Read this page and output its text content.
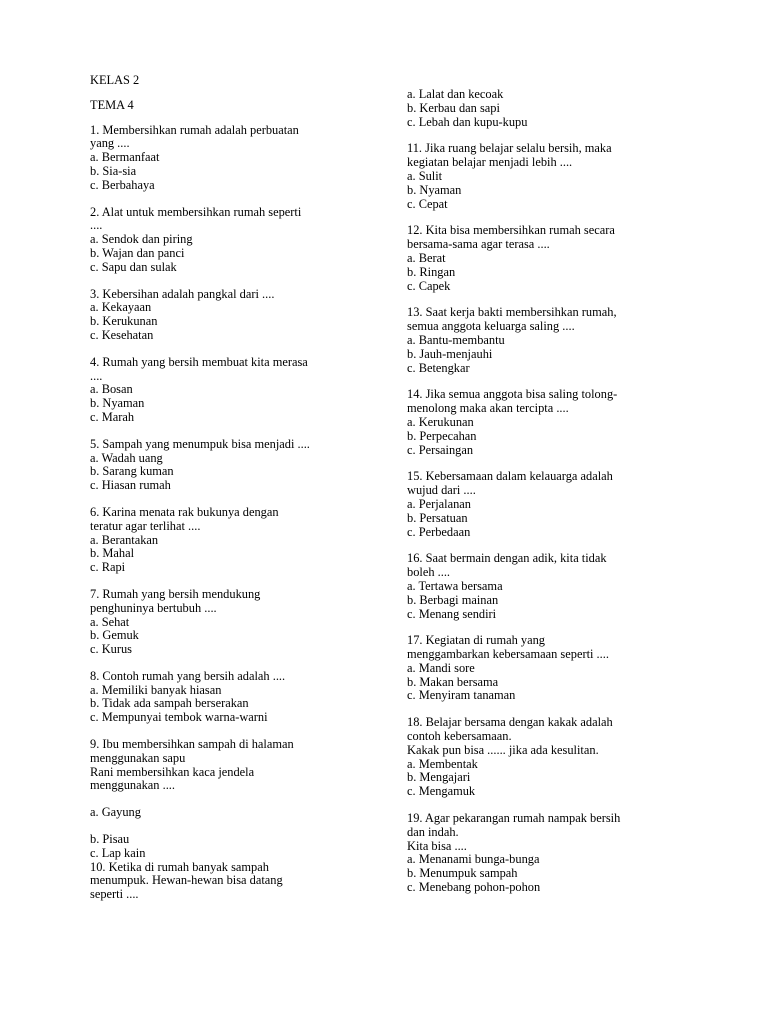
KELAS 2
TEMA 4
1. Membersihkan rumah adalah perbuatan
yang ....
a. Bermanfaat
b. Sia-sia
c. Berbahaya
2. Alat untuk membersihkan rumah seperti
....
a. Sendok dan piring
b. Wajan dan panci
c. Sapu dan sulak
3. Kebersihan adalah pangkal dari ....
a. Kekayaan
b. Kerukunan
c. Kesehatan
4. Rumah yang bersih membuat kita merasa
....
a. Bosan
b. Nyaman
c. Marah
5. Sampah yang menumpuk bisa menjadi ....
a. Wadah uang
b. Sarang kuman
c. Hiasan rumah
6. Karina menata rak bukunya dengan
teratur agar terlihat ....
a. Berantakan
b. Mahal
c. Rapi
7. Rumah yang bersih mendukung
penghuninya bertubuh ....
a. Sehat
b. Gemuk
c. Kurus
8. Contoh rumah yang bersih adalah ....
a. Memiliki banyak hiasan
b. Tidak ada sampah berserakan
c. Mempunyai tembok warna-warni
9. Ibu membersihkan sampah di halaman
menggunakan sapu
Rani membersihkan kaca jendela
menggunakan ....
a. Gayung
b. Pisau
c. Lap kain
10. Ketika di rumah banyak sampah
menumpuk. Hewan-hewan bisa datang
seperti ....
a. Lalat dan kecoak
b. Kerbau dan sapi
c. Lebah dan kupu-kupu
11. Jika ruang belajar selalu bersih, maka
kegiatan belajar menjadi lebih ....
a. Sulit
b. Nyaman
c. Cepat
12. Kita bisa membersihkan rumah secara
bersama-sama agar terasa ....
a. Berat
b. Ringan
c. Capek
13. Saat kerja bakti membersihkan rumah,
semua anggota keluarga saling ....
a. Bantu-membantu
b. Jauh-menjauhi
c. Betengkar
14. Jika semua anggota bisa saling tolong-
menolong maka akan tercipta ....
a. Kerukunan
b. Perpecahan
c. Persaingan
15. Kebersamaan dalam kelauarga adalah
wujud dari ....
a. Perjalanan
b. Persatuan
c. Perbedaan
16. Saat bermain dengan adik, kita tidak
boleh ....
a. Tertawa bersama
b. Berbagi mainan
c. Menang sendiri
17. Kegiatan di rumah yang
menggambarkan kebersamaan seperti ....
a. Mandi sore
b. Makan bersama
c. Menyiram tanaman
18. Belajar bersama dengan kakak adalah
contoh kebersamaan.
Kakak pun bisa ...... jika ada kesulitan.
a. Membentak
b. Mengajari
c. Mengamuk
19. Agar pekarangan rumah nampak bersih
dan indah.
Kita bisa ....
a. Menanami bunga-bunga
b. Menumpuk sampah
c. Menebang pohon-pohon
